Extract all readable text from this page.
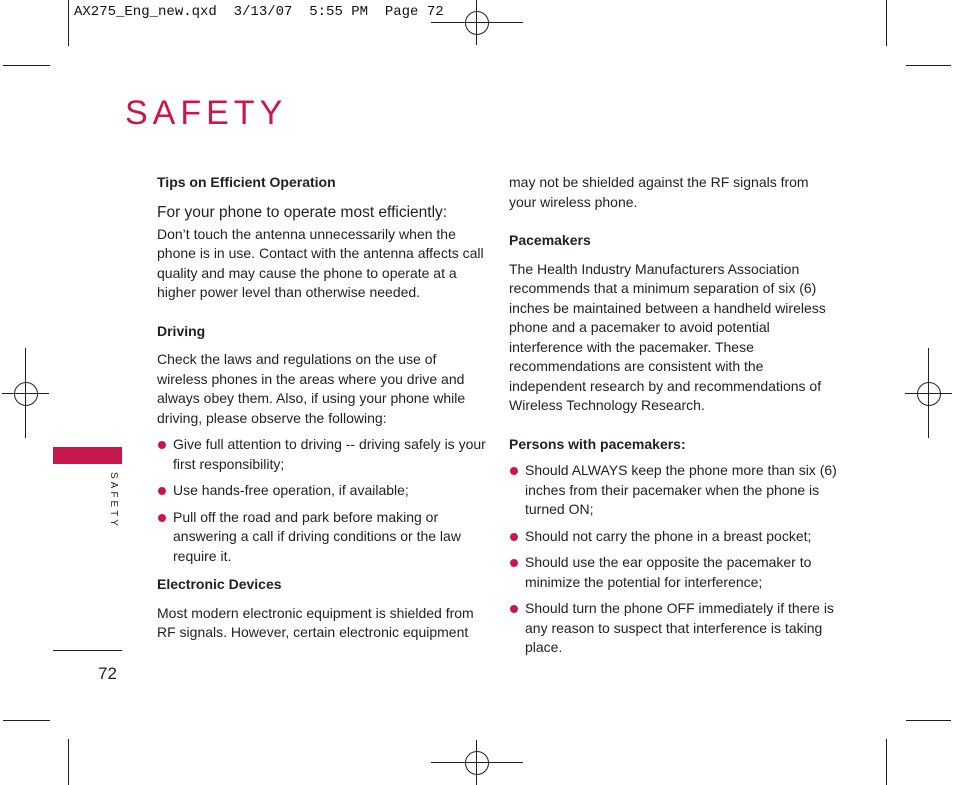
AX275_Eng_new.qxd  3/13/07  5:55 PM  Page 72
SAFETY
SAFETY
72
Tips on Efficient Operation

For your phone to operate most efficiently:

Don’t touch the antenna unnecessarily when the phone is in use. Contact with the antenna affects call quality and may cause the phone to operate at a higher power level than otherwise needed.

Driving

Check the laws and regulations on the use of wireless phones in the areas where you drive and always obey them. Also, if using your phone while driving, please observe the following:

Give full attention to driving -- driving safely is your first responsibility;
Use hands-free operation, if available;
Pull off the road and park before making or answering a call if driving conditions or the law require it.
Electronic Devices

Most modern electronic equipment is shielded from RF signals. However, certain electronic equipment

may not be shielded against the RF signals from your wireless phone.

Pacemakers

The Health Industry Manufacturers Association recommends that a minimum separation of six (6) inches be maintained between a handheld wireless phone and a pacemaker to avoid potential interference with the pacemaker. These recommendations are consistent with the independent research by and recommendations of Wireless Technology Research.

Persons with pacemakers:
Should ALWAYS keep the phone more than six (6) inches from their pacemaker when the phone is turned ON;
Should not carry the phone in a breast pocket;
Should use the ear opposite the pacemaker to minimize the potential for interference;
Should turn the phone OFF immediately if there is any reason to suspect that interference is taking place.
